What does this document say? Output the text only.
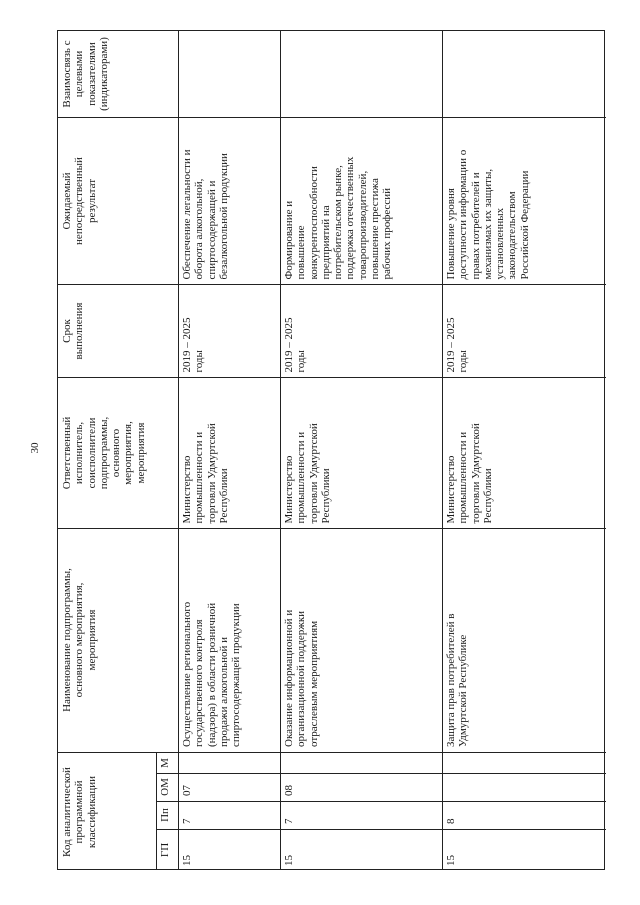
30
Код аналитической программной классификации
ГП
Пп
ОМ
М
Наименование подпрограммы, основного мероприятия, мероприятия
Ответственный исполнитель, соисполнители подпрограммы, основного мероприятия, мероприятия
Срок выполнения
Ожидаемый непосредственный результат
Взаимосвязь с целевыми показателями (индикаторами)
15
7
07
Осуществление регионального государственного контроля (надзора) в области розничной продажи алкогольной и спиртосодержащей продукции
Министерство промышленности и торговли Удмуртской Республики
2019 – 2025 годы
Обеспечение легальности и оборота алкогольной, спиртосодержащей и безалкогольной продукции
15
7
08
Оказание информационной и организационной поддержки отраслевым мероприятиям
Министерство промышленности и торговли Удмуртской Республики
2019 – 2025 годы
Формирование и повышение конкурентоспособности предприятий на потребительском рынке, поддержка отечественных товаропроизводителей, повышение престижа рабочих профессий
15
8
Защита прав потребителей в Удмуртской Республике
Министерство промышленности и торговли Удмуртской Республики
2019 – 2025 годы
Повышение уровня доступности информации о правах потребителей и механизмах их защиты, установленных законодательством Российской Федерации
